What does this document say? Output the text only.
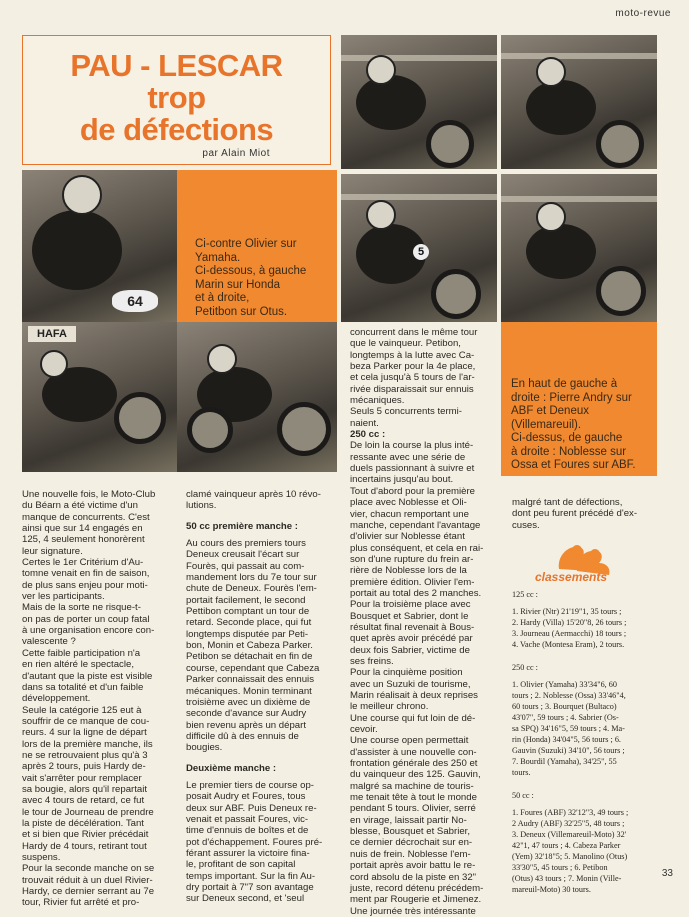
moto-revue
PAU - LESCAR
trop
de défections
par Alain Miot
5
64
Ci-contre Olivier sur
Yamaha.
Ci-dessous, à gauche
Marin sur Honda
et à droite,
Petitbon sur Otus.
HAFA
En haut de gauche à
droite : Pierre Andry sur
ABF et Deneux
(Villemareuil).
Ci-dessus, de gauche
à droite : Noblesse sur
Ossa et Foures sur ABF.

Une nouvelle fois, le Moto-Club

du Béarn a été victime d'un

manque de concurrents. C'est

ainsi que sur 14 engagés en

125, 4 seulement honorèrent

leur signature.

Certes le 1er Critérium d'Au-

tomne venait en fin de saison,

de plus sans enjeu pour moti-

ver les participants.

Mais de la sorte ne risque-t-

on pas de porter un coup fatal

à une organisation encore con-

valescente ?

Cette faible participation n'a

en rien altéré le spectacle,

d'autant que la piste est visible

dans sa totalité et d'un faible

développement.

Seule la catégorie 125 eut à

souffrir de ce manque de cou-

reurs. 4 sur la ligne de départ

lors de la première manche, ils

ne se retrouvaient plus qu'à 3

après 2 tours, puis Hardy de-

vait s'arrêter pour remplacer

sa bougie, alors qu'il repartait

avec 4 tours de retard, ce fut

le tour de Journeau de prendre

la piste de décélération. Tant

et si bien que Rivier précédait

Hardy de 4 tours, retirant tout

suspens.

Pour la seconde manche on se

trouvait réduit à un duel Rivier-

Hardy, ce dernier serrant au 7e

tour, Rivier fut arrêté et pro-

clamé vainqueur après 10 révo-

lutions.

50 cc première manche :

Au cours des premiers tours

Deneux creusait l'écart sur

Fourès, qui passait au com-

mandement lors du 7e tour sur

chute de Deneux. Fourès l'em-

portait facilement, le second

Pettibon comptant un tour de

retard. Seconde place, qui fut

longtemps disputée par Peti-

bon, Monin et Cabeza Parker.

Petibon se détachait en fin de

course, cependant que Cabeza

Parker connaissait des ennuis

mécaniques. Monin terminant

troisième avec un dixième de

seconde d'avance sur Audry

bien revenu après un départ

difficile dû à des ennuis de

bougies.

Deuxième manche :

Le premier tiers de course op-

posait Audry et Foures, tous

deux sur ABF. Puis Deneux re-

venait et passait Foures, vic-

time d'ennuis de boîtes et de

pot d'échappement. Foures pré-

férant assurer la victoire fina-

le, profitant de son capital

temps important. Sur la fin Au-

dry portait à 7"7 son avantage

sur Deneux second, et 'seul

concurrent dans le même tour

que le vainqueur. Petibon,

longtemps à la lutte avec Ca-

beza Parker pour la 4e place,

et cela jusqu'à 5 tours de l'ar-

rivée disparaissait sur ennuis

mécaniques.

Seuls 5 concurrents termi-

naient.

250 cc :

De loin la course la plus inté-

ressante avec une série de

duels passionnant à suivre et

incertains jusqu'au bout.

Tout d'abord pour la première

place avec Noblesse et Oli-

vier, chacun remportant une

manche, cependant l'avantage

d'olivier sur Noblesse étant

plus conséquent, et cela en rai-

son d'une rupture du frein ar-

rière de Noblesse lors de la

première édition. Olivier l'em-

portait au total des 2 manches.

Pour la troisième place avec

Bousquet et Sabrier, dont le

résultat final revenait à Bous-

quet après avoir précédé par

deux fois Sabrier, victime de

ses freins.

Pour la cinquième position

avec un Suzuki de tourisme,

Marin réalisait à deux reprises

le meilleur chrono.

Une course qui fut loin de dé-

cevoir.

Une course open permettait

d'assister à une nouvelle con-

frontation générale des 250 et

du vainqueur des 125. Gauvin,

malgré sa machine de touris-

me tenait tête à tout le monde

pendant 5 tours. Olivier, serré

en virage, laissait partir No-

blesse, Bousquet et Sabrier,

ce dernier décrochait sur en-

nuis de frein. Noblesse l'em-

portait après avoir battu le re-

cord absolu de la piste en 32"

juste, record détenu précédem-

ment par Rougerie et Jimenez.

Une journée très intéressante

malgré tant de défections,

dont peu furent précédé d'ex-

cuses.

classements

125 cc :

1. Rivier (Ntr) 21'19"1, 35 tours ;

2. Hardy (Villa) 15'20"8, 26 tours ;

3. Journeau (Aermacchi) 18 tours ;

4. Vache (Montesa Eram), 2 tours.

250 cc :

1. Olivier (Yamaha) 33'34"6, 60

tours ; 2. Noblesse (Ossa) 33'46"4,

60 tours ; 3. Bourquet (Bultaco)

43'07", 59 tours ; 4. Sabrier (Os-

sa SPQ) 34'16"5, 59 tours ; 4. Ma-

rin (Honda) 34'04"5, 56 tours ; 6.

Gauvin (Suzuki) 34'10", 56 tours ;

7. Bourdil (Yamaha), 34'25", 55

tours.

50 cc :

1. Foures (ABF) 32'12"3, 49 tours ;

2 Audry (ABF) 32'25"5, 48 tours ;

3. Deneux (Villemareuil-Moto) 32'

42"1, 47 tours ; 4. Cabeza Parker

(Yem) 32'18"5; 5. Manolino (Otus)

33'30"5, 45 tours ; 6. Petibon

(Otus) 43 tours ; 7. Monin (Ville-

mareuil-Moto) 30 tours.

33
